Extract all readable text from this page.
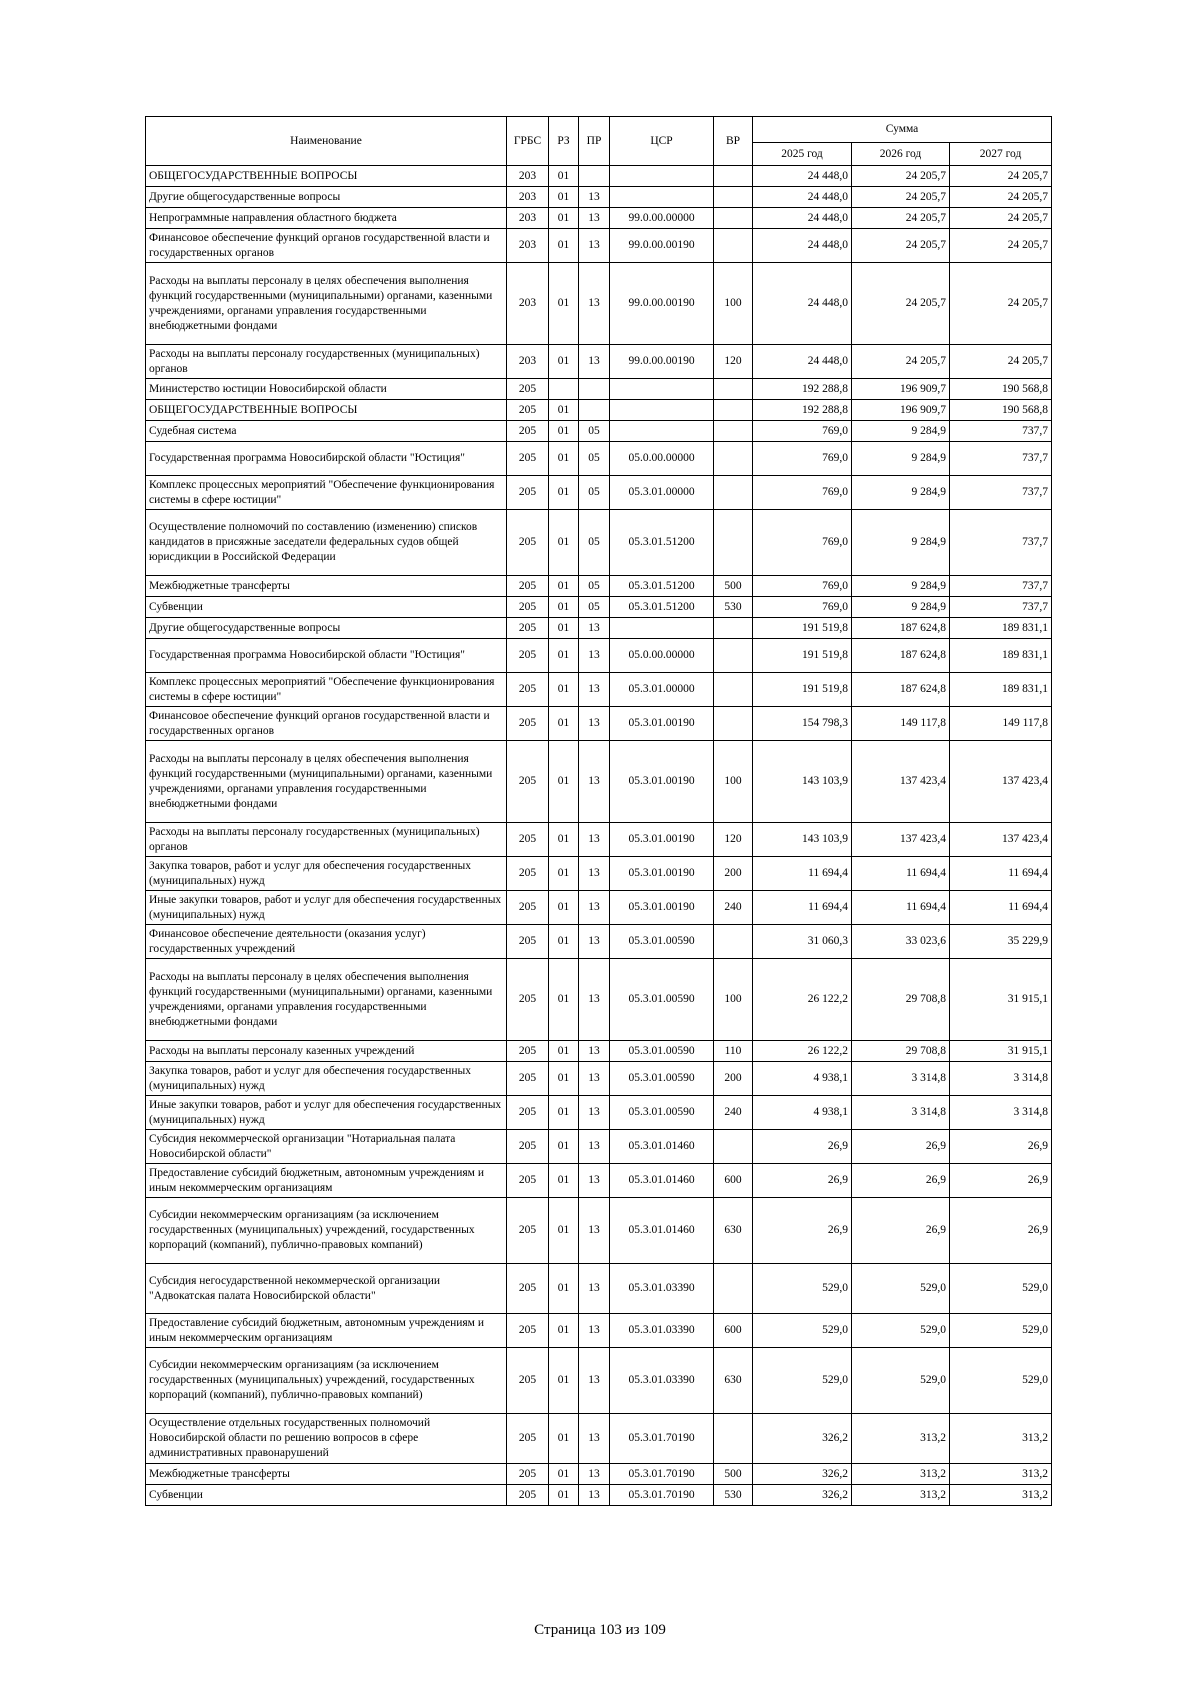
Наименование	ГРБС	РЗ	ПР	ЦСР	ВР	Сумма		
						2025 год	2026 год	2027 год
ОБЩЕГОСУДАРСТВЕННЫЕ ВОПРОСЫ	203	01				24 448,0	24 205,7	24 205,7
Другие общегосударственные вопросы	203	01	13			24 448,0	24 205,7	24 205,7
Непрограммные направления областного бюджета	203	01	13	99.0.00.00000		24 448,0	24 205,7	24 205,7
Финансовое обеспечение функций органов государственной власти и государственных органов	203	01	13	99.0.00.00190		24 448,0	24 205,7	24 205,7
Расходы на выплаты персоналу в целях обеспечения выполнения функций государственными (муниципальными) органами, казенными учреждениями, органами управления государственными внебюджетными фондами	203	01	13	99.0.00.00190	100	24 448,0	24 205,7	24 205,7
Расходы на выплаты персоналу государственных (муниципальных) органов	203	01	13	99.0.00.00190	120	24 448,0	24 205,7	24 205,7
Министерство юстиции Новосибирской области	205					192 288,8	196 909,7	190 568,8
ОБЩЕГОСУДАРСТВЕННЫЕ ВОПРОСЫ	205	01				192 288,8	196 909,7	190 568,8
Судебная система	205	01	05			769,0	9 284,9	737,7
Государственная программа Новосибирской области "Юстиция"	205	01	05	05.0.00.00000		769,0	9 284,9	737,7
Комплекс процессных мероприятий "Обеспечение функционирования системы в сфере юстиции"	205	01	05	05.3.01.00000		769,0	9 284,9	737,7
Осуществление полномочий по составлению (изменению) списков кандидатов в присяжные заседатели федеральных судов общей юрисдикции в Российской Федерации	205	01	05	05.3.01.51200		769,0	9 284,9	737,7
Межбюджетные трансферты	205	01	05	05.3.01.51200	500	769,0	9 284,9	737,7
Субвенции	205	01	05	05.3.01.51200	530	769,0	9 284,9	737,7
Другие общегосударственные вопросы	205	01	13			191 519,8	187 624,8	189 831,1
Государственная программа Новосибирской области "Юстиция"	205	01	13	05.0.00.00000		191 519,8	187 624,8	189 831,1
Комплекс процессных мероприятий "Обеспечение функционирования системы в сфере юстиции"	205	01	13	05.3.01.00000		191 519,8	187 624,8	189 831,1
Финансовое обеспечение функций органов государственной власти и государственных органов	205	01	13	05.3.01.00190		154 798,3	149 117,8	149 117,8
Расходы на выплаты персоналу в целях обеспечения выполнения функций государственными (муниципальными) органами, казенными учреждениями, органами управления государственными внебюджетными фондами	205	01	13	05.3.01.00190	100	143 103,9	137 423,4	137 423,4
Расходы на выплаты персоналу государственных (муниципальных) органов	205	01	13	05.3.01.00190	120	143 103,9	137 423,4	137 423,4
Закупка товаров, работ и услуг для обеспечения государственных (муниципальных) нужд	205	01	13	05.3.01.00190	200	11 694,4	11 694,4	11 694,4
Иные закупки товаров, работ и услуг для обеспечения государственных (муниципальных) нужд	205	01	13	05.3.01.00190	240	11 694,4	11 694,4	11 694,4
Финансовое обеспечение деятельности (оказания услуг) государственных учреждений	205	01	13	05.3.01.00590		31 060,3	33 023,6	35 229,9
Расходы на выплаты персоналу в целях обеспечения выполнения функций государственными (муниципальными) органами, казенными учреждениями, органами управления государственными внебюджетными фондами	205	01	13	05.3.01.00590	100	26 122,2	29 708,8	31 915,1
Расходы на выплаты персоналу казенных учреждений	205	01	13	05.3.01.00590	110	26 122,2	29 708,8	31 915,1
Закупка товаров, работ и услуг для обеспечения государственных (муниципальных) нужд	205	01	13	05.3.01.00590	200	4 938,1	3 314,8	3 314,8
Иные закупки товаров, работ и услуг для обеспечения государственных (муниципальных) нужд	205	01	13	05.3.01.00590	240	4 938,1	3 314,8	3 314,8
Субсидия некоммерческой организации "Нотариальная палата Новосибирской области"	205	01	13	05.3.01.01460		26,9	26,9	26,9
Предоставление субсидий бюджетным, автономным учреждениям и иным некоммерческим организациям	205	01	13	05.3.01.01460	600	26,9	26,9	26,9
Субсидии некоммерческим организациям (за исключением государственных (муниципальных) учреждений, государственных корпораций (компаний), публично-правовых компаний)	205	01	13	05.3.01.01460	630	26,9	26,9	26,9
Субсидия негосударственной некоммерческой организации "Адвокатская палата Новосибирской области"	205	01	13	05.3.01.03390		529,0	529,0	529,0
Предоставление субсидий бюджетным, автономным учреждениям и иным некоммерческим организациям	205	01	13	05.3.01.03390	600	529,0	529,0	529,0
Субсидии некоммерческим организациям (за исключением государственных (муниципальных) учреждений, государственных корпораций (компаний), публично-правовых компаний)	205	01	13	05.3.01.03390	630	529,0	529,0	529,0
Осуществление отдельных государственных полномочий Новосибирской области по решению вопросов в сфере административных правонарушений	205	01	13	05.3.01.70190		326,2	313,2	313,2
Межбюджетные трансферты	205	01	13	05.3.01.70190	500	326,2	313,2	313,2
Субвенции	205	01	13	05.3.01.70190	530	326,2	313,2	313,2
Страница 103 из 109
